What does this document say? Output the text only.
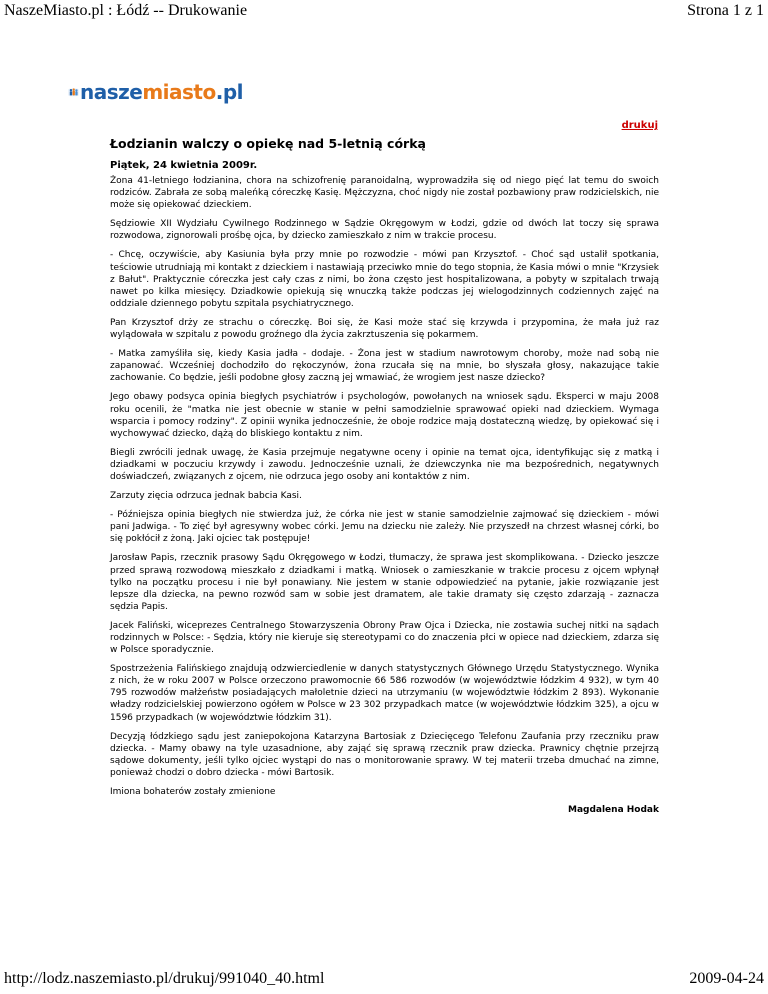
NaszeMiasto.pl : Łódź -- Drukowanie	Strona 1 z 1
naszemiasto.pl
drukuj
Łodzianin walczy o opiekę nad 5-letnią córką
Piątek, 24 kwietnia 2009r.
Żona 41-letniego łodzianina, chora na schizofrenię paranoidalną, wyprowadziła się od niego pięć lat temu do swoich rodziców. Zabrała ze sobą maleńką córeczkę Kasię. Mężczyzna, choć nigdy nie został pozbawiony praw rodzicielskich, nie może się opiekować dzieckiem.
Sędziowie XII Wydziału Cywilnego Rodzinnego w Sądzie Okręgowym w Łodzi, gdzie od dwóch lat toczy się sprawa rozwodowa, zignorowali prośbę ojca, by dziecko zamieszkało z nim w trakcie procesu.
- Chcę, oczywiście, aby Kasiunia była przy mnie po rozwodzie - mówi pan Krzysztof. - Choć sąd ustalił spotkania, teściowie utrudniają mi kontakt z dzieckiem i nastawiają przeciwko mnie do tego stopnia, że Kasia mówi o mnie "Krzysiek z Bałut". Praktycznie córeczka jest cały czas z nimi, bo żona często jest hospitalizowana, a pobyty w szpitalach trwają nawet po kilka miesięcy. Dziadkowie opiekują się wnuczką także podczas jej wielogodzinnych codziennych zajęć na oddziale dziennego pobytu szpitala psychiatrycznego.
Pan Krzysztof drży ze strachu o córeczkę. Boi się, że Kasi może stać się krzywda i przypomina, że mała już raz wylądowała w szpitalu z powodu groźnego dla życia zakrztuszenia się pokarmem.
- Matka zamyśliła się, kiedy Kasia jadła - dodaje. - Żona jest w stadium nawrotowym choroby, może nad sobą nie zapanować. Wcześniej dochodziło do rękoczynów, żona rzucała się na mnie, bo słyszała głosy, nakazujące takie zachowanie. Co będzie, jeśli podobne głosy zaczną jej wmawiać, że wrogiem jest nasze dziecko?
Jego obawy podsyca opinia biegłych psychiatrów i psychologów, powołanych na wniosek sądu. Eksperci w maju 2008 roku ocenili, że "matka nie jest obecnie w stanie w pełni samodzielnie sprawować opieki nad dzieckiem. Wymaga wsparcia i pomocy rodziny". Z opinii wynika jednocześnie, że oboje rodzice mają dostateczną wiedzę, by opiekować się i wychowywać dziecko, dążą do bliskiego kontaktu z nim.
Biegli zwrócili jednak uwagę, że Kasia przejmuje negatywne oceny i opinie na temat ojca, identyfikując się z matką i dziadkami w poczuciu krzywdy i zawodu. Jednocześnie uznali, że dziewczynka nie ma bezpośrednich, negatywnych doświadczeń, związanych z ojcem, nie odrzuca jego osoby ani kontaktów z nim.
Zarzuty zięcia odrzuca jednak babcia Kasi.
- Późniejsza opinia biegłych nie stwierdza już, że córka nie jest w stanie samodzielnie zajmować się dzieckiem - mówi pani Jadwiga. - To zięć był agresywny wobec córki. Jemu na dziecku nie zależy. Nie przyszedł na chrzest własnej córki, bo się pokłócił z żoną. Jaki ojciec tak postępuje!
Jarosław Papis, rzecznik prasowy Sądu Okręgowego w Łodzi, tłumaczy, że sprawa jest skomplikowana. - Dziecko jeszcze przed sprawą rozwodową mieszkało z dziadkami i matką. Wniosek o zamieszkanie w trakcie procesu z ojcem wpłynął tylko na początku procesu i nie był ponawiany. Nie jestem w stanie odpowiedzieć na pytanie, jakie rozwiązanie jest lepsze dla dziecka, na pewno rozwód sam w sobie jest dramatem, ale takie dramaty się często zdarzają - zaznacza sędzia Papis.
Jacek Faliński, wiceprezes Centralnego Stowarzyszenia Obrony Praw Ojca i Dziecka, nie zostawia suchej nitki na sądach rodzinnych w Polsce: - Sędzia, który nie kieruje się stereotypami co do znaczenia płci w opiece nad dzieckiem, zdarza się w Polsce sporadycznie.
Spostrzeżenia Falińskiego znajdują odzwierciedlenie w danych statystycznych Głównego Urzędu Statystycznego. Wynika z nich, że w roku 2007 w Polsce orzeczono prawomocnie 66 586 rozwodów (w województwie łódzkim 4 932), w tym 40 795 rozwodów małżeństw posiadających małoletnie dzieci na utrzymaniu (w województwie łódzkim 2 893). Wykonanie władzy rodzicielskiej powierzono ogółem w Polsce w 23 302 przypadkach matce (w województwie łódzkim 325), a ojcu w 1596 przypadkach (w województwie łódzkim 31).
Decyzją łódzkiego sądu jest zaniepokojona Katarzyna Bartosiak z Dziecięcego Telefonu Zaufania przy rzeczniku praw dziecka. - Mamy obawy na tyle uzasadnione, aby zająć się sprawą rzecznik praw dziecka. Prawnicy chętnie przejrzą sądowe dokumenty, jeśli tylko ojciec wystąpi do nas o monitorowanie sprawy. W tej materii trzeba dmuchać na zimne, ponieważ chodzi o dobro dziecka - mówi Bartosik.
Imiona bohaterów zostały zmienione
Magdalena Hodak
http://lodz.naszemiasto.pl/drukuj/991040_40.html	2009-04-24
